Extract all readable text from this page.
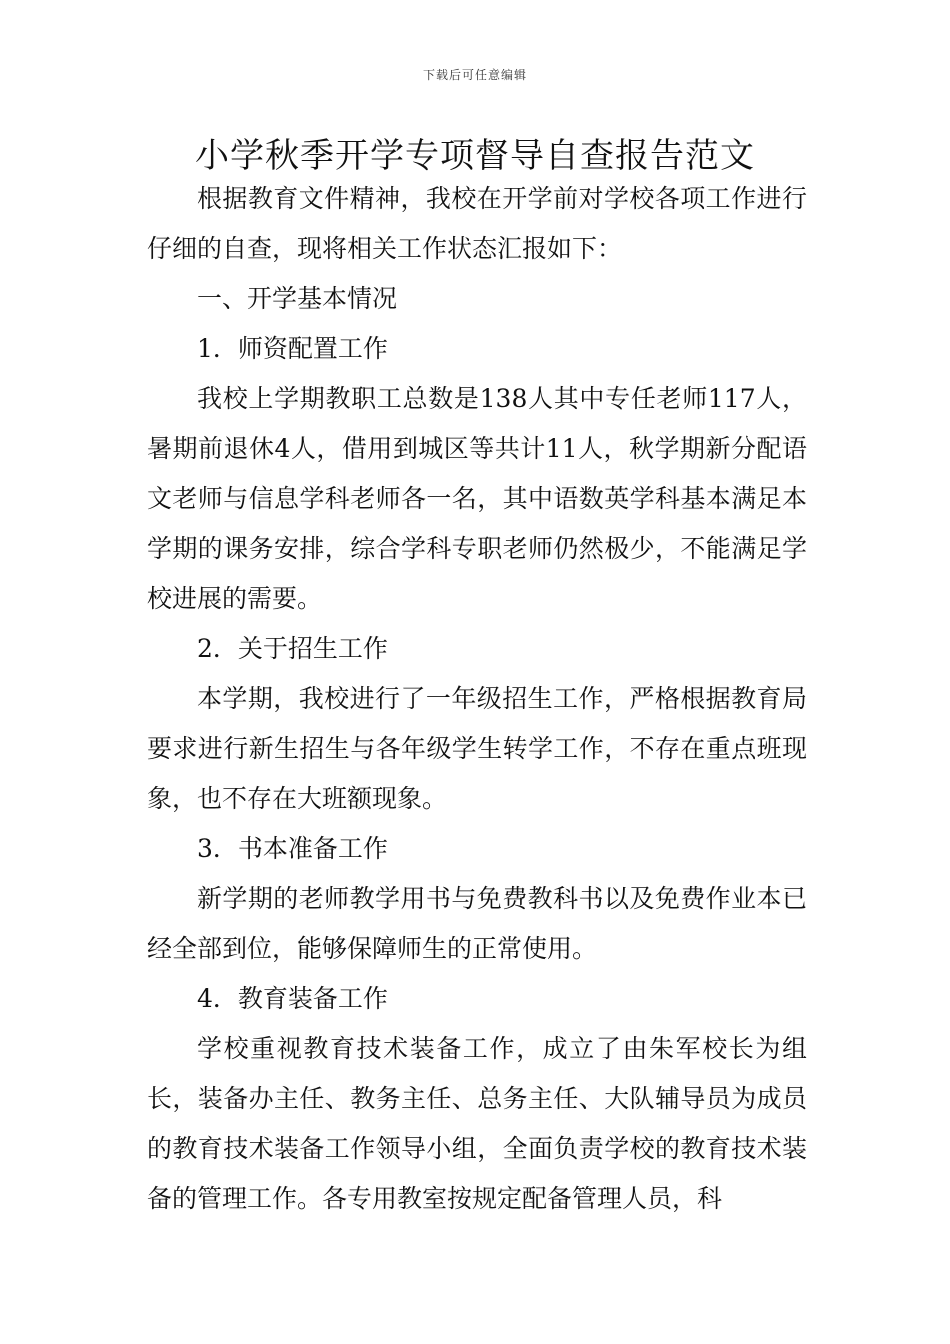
下载后可任意编辑
小学秋季开学专项督导自查报告范文

根据教育文件精神，我校在开学前对学校各项工作进行仔细的自查，现将相关工作状态汇报如下：

一、开学基本情况

1．师资配置工作

我校上学期教职工总数是138人其中专任老师117人，暑期前退休4人，借用到城区等共计11人，秋学期新分配语文老师与信息学科老师各一名，其中语数英学科基本满足本学期的课务安排，综合学科专职老师仍然极少，不能满足学校进展的需要。

2．关于招生工作

本学期，我校进行了一年级招生工作，严格根据教育局要求进行新生招生与各年级学生转学工作，不存在重点班现象，也不存在大班额现象。

3．书本准备工作

新学期的老师教学用书与免费教科书以及免费作业本已经全部到位，能够保障师生的正常使用。

4．教育装备工作

学校重视教育技术装备工作，成立了由朱军校长为组长，装备办主任、教务主任、总务主任、大队辅导员为成员的教育技术装备工作领导小组，全面负责学校的教育技术装备的管理工作。各专用教室按规定配备管理人员，科
